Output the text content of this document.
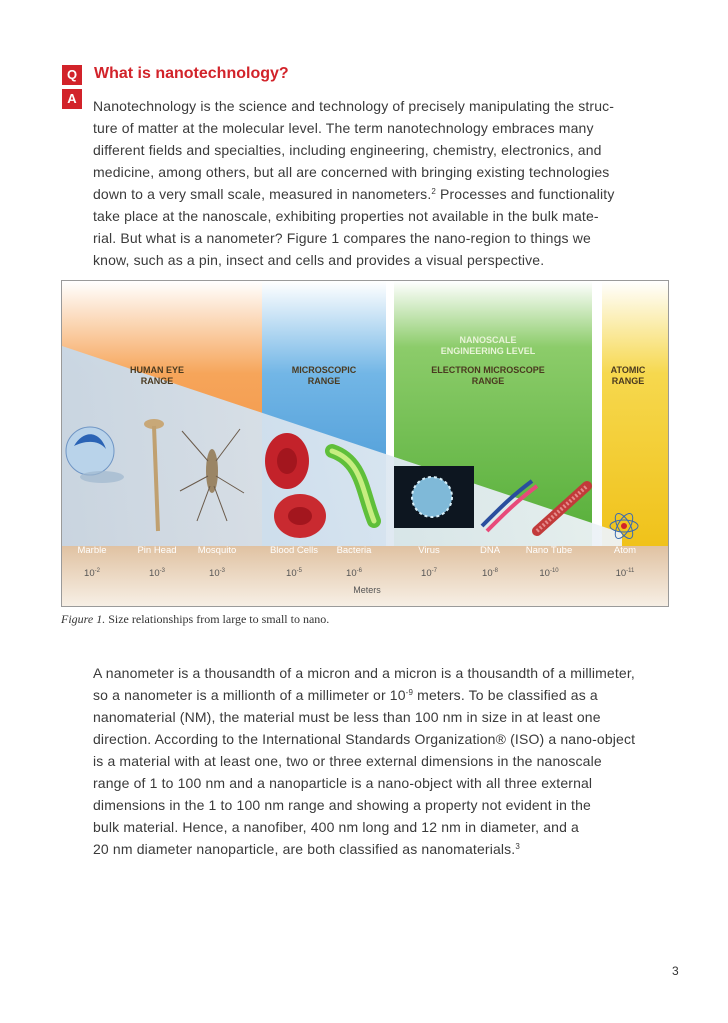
Q	What is nanotechnology?
A	Nanotechnology is the science and technology of precisely manipulating the struc-
ture of matter at the molecular level. The term nanotechnology embraces many
different fields and specialties, including engineering, chemistry, electronics, and
medicine, among others, but all are concerned with bringing existing technologies
down to a very small scale, measured in nanometers.$^2$ Processes and functionality
take place at the nanoscale, exhibiting properties not available in the bulk mate-
rial. But what is a nanometer? Figure 1 compares the nano-region to things we
know, such as a pin, insect and cells and provides a visual perspective.

HUMAN EYE
RANGE
MICROSCOPIC
RANGE
NANOSCALE
ENGINEERING LEVEL
ELECTRON MICROSCOPE
RANGE
ATOMIC
RANGE
Marble	Pin Head Mosquito	Blood Cells Bacteria	Virus	DNA	Nano Tube	Atom
$10^{-2}$	$10^{-3}$	$10^{-3}$	$10^{-5}$	$10^{-6}$	$10^{-7}$	$10^{-8}$	$10^{-10}$	$10^{-11}$
Meters
Figure 1. Size relationships from large to small to nano.

A nanometer is a thousandth of a micron and a micron is a thousandth of a millimeter,
so a nanometer is a millionth of a millimeter or $10^{-9}$ meters. To be classified as a
nanomaterial (NM), the material must be less than 100 nm in size in at least one
direction. According to the International Standards Organization® (ISO) a nano-object
is a material with at least one, two or three external dimensions in the nanoscale
range of 1 to 100 nm and a nanoparticle is a nano-object with all three external
dimensions in the 1 to 100 nm range and showing a property not evident in the
bulk material. Hence, a nanofiber, 400 nm long and 12 nm in diameter, and a
20 nm diameter nanoparticle, are both classified as nanomaterials.$^3$

3
